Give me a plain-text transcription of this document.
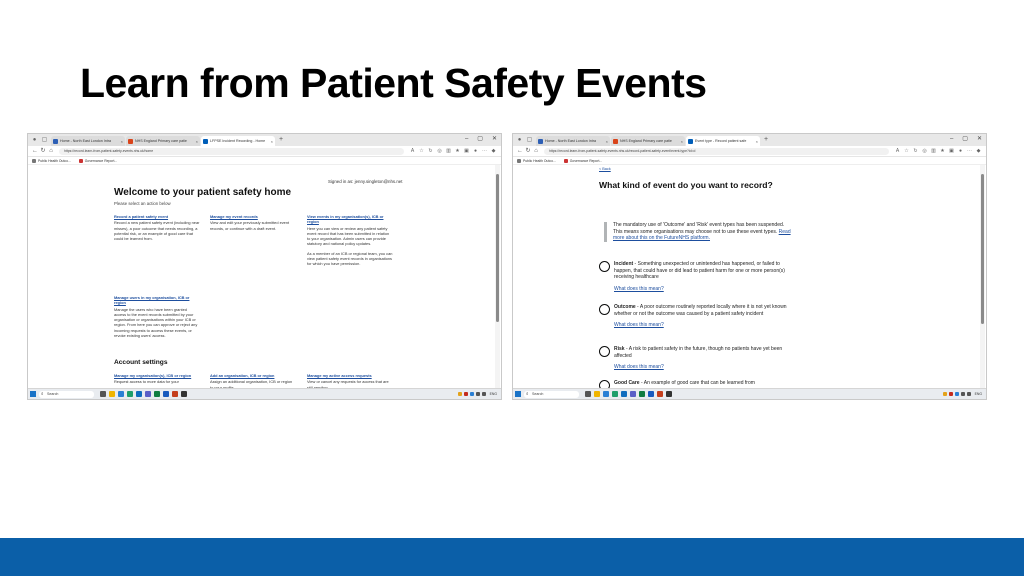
Learn from Patient Safety Events
● ▢	Home - North East London Intra	×	NHS England Primary care patie	×	LFPSE Incident Recording - Home	× +	– ▢ ✕
← ↻ ⌂	https://record.learn-from-patient-safety-events.nhs.uk/home	A	☆ ↻ ◎ ▥ ★ ▣	● ⋯ ◆
Public Health Outco...	Governance Report...
Signed in as: jenny.singleton@nhs.net
Welcome to your patient safety home
Please select an action below
Record a patient safety event
Record a new patient safety event (including near misses), a poor outcome that needs recording, a potential risk, or an example of good care that could be learned from.
Manage my event records
View and edit your previously submitted event records, or continue with a draft event.
View events in my organisation(s), ICB or region
Here you can view or review any patient safety event record that has been submitted in relation to your organisation. Admin users can provide statutory and national policy updates.
As a member of an ICB or regional team, you can view patient safety event records in organisations for which you have permission.
Manage users in my organisation, ICB or region
Manage the users who have been granted access to the event records submitted by your organisation or organisations within your ICB or region. From here you can approve or reject any incoming requests to access these events, or revoke existing users' access.
Account settings
Manage my organisation(s), ICB or region
Request access to more data for your
Add an organisation, ICB or region
Assign an additional organisation, ICB or region
Manage my active access requests
View or cancel any requests for access that are
⌕ Search	ENG
● ▢	Home - North East London Intra	×	NHS England Primary care patie	×	Event type - Record patient safe	× +	– ▢ ✕
← ↻ ⌂	https://record.learn-from-patient-safety-events.nhs.uk/record-patient-safety-event/event-type?id=d	A	☆ ↻ ◎ ▥ ★ ▣	● ⋯ ◆
Public Health Outco...	Governance Report...
< Back
What kind of event do you want to record?
The mandatory use of 'Outcome' and 'Risk' event types has been suspended. This means some organisations may choose not to use these event types. Read more about this on the FutureNHS platform.
Incident - Something unexpected or unintended has happened, or failed to happen, that could have or did lead to patient harm for one or more person(s) receiving healthcare
What does this mean?
Outcome - A poor outcome routinely reported locally where it is not yet known whether or not the outcome was caused by a patient safety incident
What does this mean?
Risk - A risk to patient safety in the future, though no patients have yet been affected
What does this mean?
Good Care - An example of good care that can be learned from
⌕ Search	ENG
